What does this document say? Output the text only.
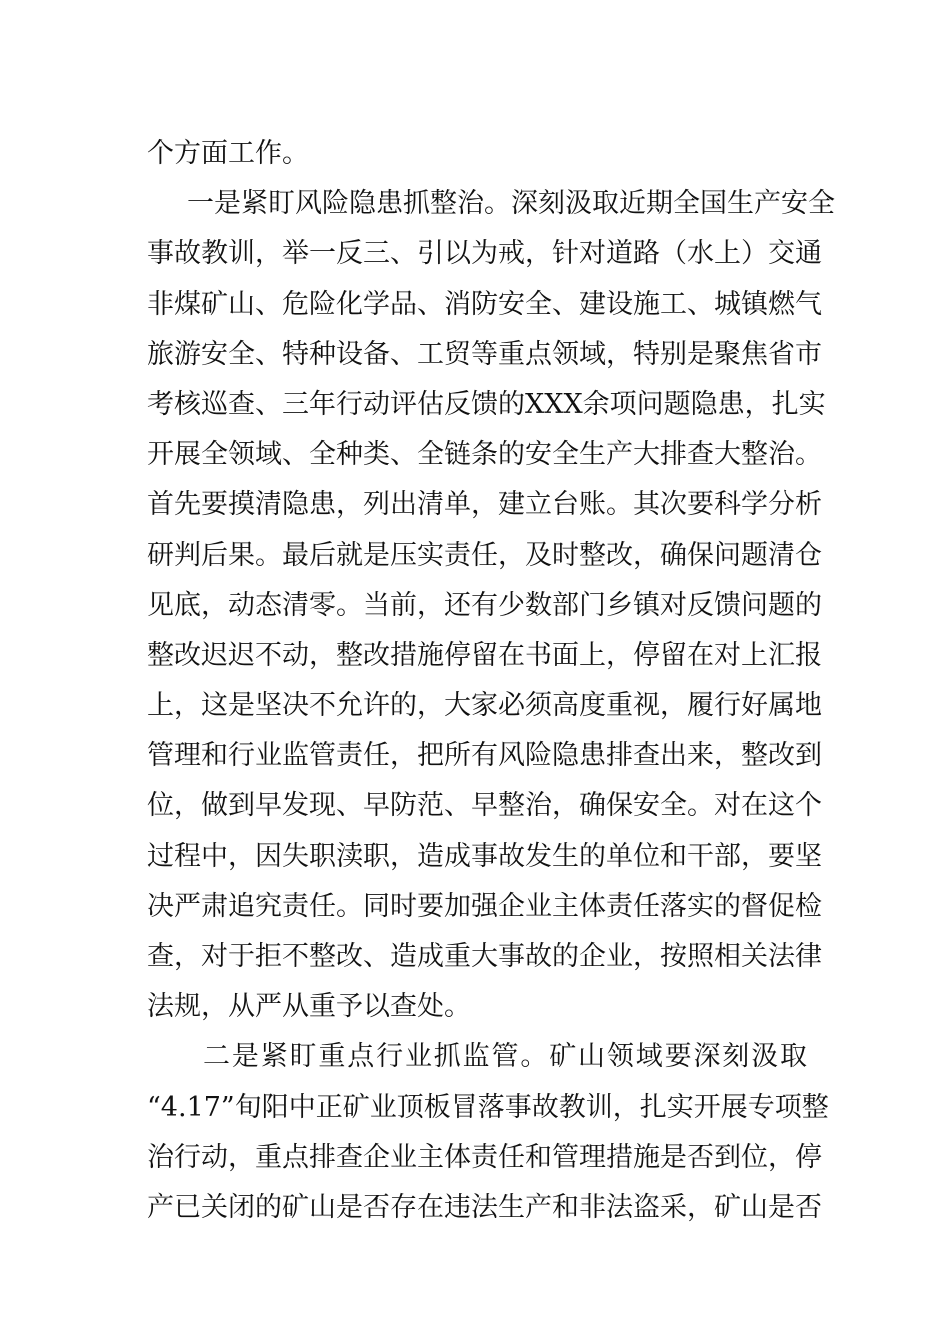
个方面工作。
一是紧盯风险隐患抓整治。深刻汲取近期全国生产安全
事故教训，举一反三、引以为戒，针对道路（水上）交通
非煤矿山、危险化学品、消防安全、建设施工、城镇燃气
旅游安全、特种设备、工贸等重点领域，特别是聚焦省市
考核巡查、三年行动评估反馈的XXX余项问题隐患，扎实
开展全领域、全种类、全链条的安全生产大排查大整治。
首先要摸清隐患，列出清单，建立台账。其次要科学分析
研判后果。最后就是压实责任，及时整改，确保问题清仓
见底，动态清零。当前，还有少数部门乡镇对反馈问题的
整改迟迟不动，整改措施停留在书面上，停留在对上汇报
上，这是坚决不允许的，大家必须高度重视，履行好属地
管理和行业监管责任，把所有风险隐患排查出来，整改到
位，做到早发现、早防范、早整治，确保安全。对在这个
过程中，因失职渎职，造成事故发生的单位和干部，要坚
决严肃追究责任。同时要加强企业主体责任落实的督促检
查，对于拒不整改、造成重大事故的企业，按照相关法律
法规，从严从重予以查处。
二是紧盯重点行业抓监管。矿山领域要深刻汲取
“4.17”旬阳中正矿业顶板冒落事故教训，扎实开展专项整
治行动，重点排查企业主体责任和管理措施是否到位，停
产已关闭的矿山是否存在违法生产和非法盗采，矿山是否
